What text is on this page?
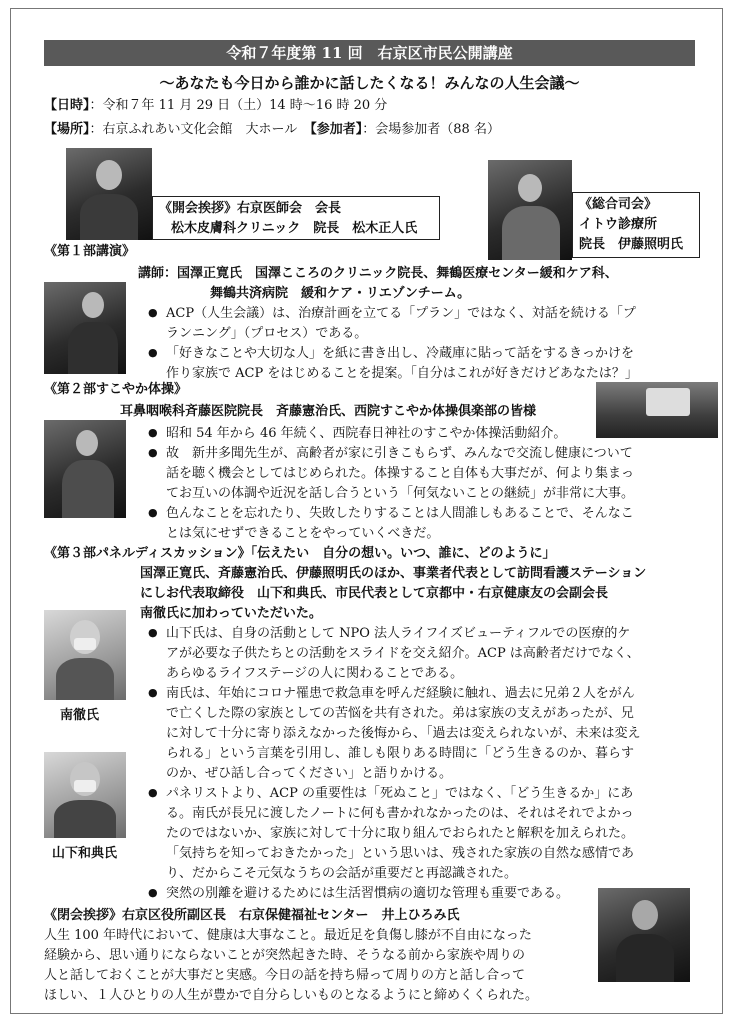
令和７年度第 11 回　右京区市民公開講座
～あなたも今日から誰かに話したくなる！みんなの人生会議～
【日時】：令和７年 11 月 29 日（土）14 時～16 時 20 分
【場所】：右京ふれあい文化会館　大ホール　【参加者】：会場参加者（88 名）
《開会挨拶》右京医師会　会長
松木皮膚科クリニック　院長　松木正人氏
《総合司会》
イトウ診療所
院長　伊藤照明氏
《第１部講演》
講師：国澤正寛氏　国澤こころのクリニック院長、舞鶴医療センター緩和ケア科、
舞鶴共済病院　緩和ケア・リエゾンチーム。
● ACP（人生会議）は、治療計画を立てる「プラン」ではなく、対話を続ける「プ
ランニング」（プロセス）である。
● 「好きなことや大切な人」を紙に書き出し、冷蔵庫に貼って話をするきっかけを
作り家族で ACP をはじめることを提案。「自分はこれが好きだけどあなたは？」
《第２部すこやか体操》
耳鼻咽喉科斉藤医院院長　斉藤憲治氏、西院すこやか体操倶楽部の皆様
● 昭和 54 年から 46 年続く、西院春日神社のすこやか体操活動紹介。
● 故　新井多聞先生が、高齢者が家に引きこもらず、みんなで交流し健康について
話を聴く機会としてはじめられた。体操すること自体も大事だが、何より集まっ
てお互いの体調や近況を話し合うという「何気ないことの継続」が非常に大事。
● 色んなことを忘れたり、失敗したりすることは人間誰しもあることで、そんなこ
とは気にせずできることをやっていくべきだ。
《第３部パネルディスカッション》「伝えたい　自分の想い。いつ、誰に、どのように」
国澤正寛氏、斉藤憲治氏、伊藤照明氏のほか、事業者代表として訪問看護ステーション
にしお代表取締役　山下和典氏、市民代表として京都中・右京健康友の会副会長
南徹氏に加わっていただいた。
南徹氏
● 山下氏は、自身の活動として NPO 法人ライフイズビューティフルでの医療的ケ
アが必要な子供たちとの活動をスライドを交え紹介。ACP は高齢者だけでなく、
あらゆるライフステージの人に関わることである。
● 南氏は、年始にコロナ罹患で救急車を呼んだ経験に触れ、過去に兄弟２人をがん
で亡くした際の家族としての苦悩を共有された。弟は家族の支えがあったが、兄
に対して十分に寄り添えなかった後悔から、「過去は変えられないが、未来は変え
られる」という言葉を引用し、誰しも限りある時間に「どう生きるのか、暮らす
のか、ぜひ話し合ってください」と語りかける。
山下和典氏
● パネリストより、ACP の重要性は「死ぬこと」ではなく、「どう生きるか」にあ
る。南氏が長兄に渡したノートに何も書かれなかったのは、それはそれでよかっ
たのではないか、家族に対して十分に取り組んでおられたと解釈を加えられた。
「気持ちを知っておきたかった」という思いは、残された家族の自然な感情であ
り、だからこそ元気なうちの会話が重要だと再認識された。
● 突然の別離を避けるためには生活習慣病の適切な管理も重要である。
《閉会挨拶》右京区役所副区長　右京保健福祉センター　井上ひろみ氏
人生 100 年時代において、健康は大事なこと。最近足を負傷し膝が不自由になった
経験から、思い通りにならないことが突然起きた時、そうなる前から家族や周りの
人と話しておくことが大事だと実感。今日の話を持ち帰って周りの方と話し合って
ほしい、１人ひとりの人生が豊かで自分らしいものとなるようにと締めくくられた。
